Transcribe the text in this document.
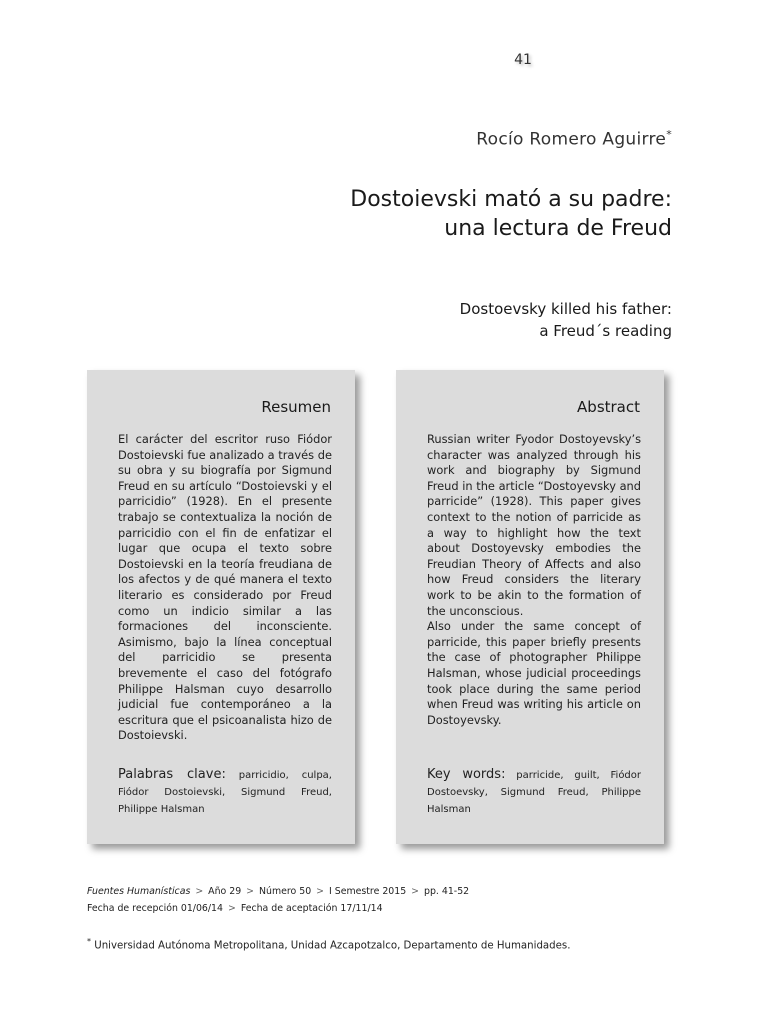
41
Rocío Romero Aguirre*
Dostoievski mató a su padre:
una lectura de Freud
Dostoevsky killed his father:
a Freud´s reading
Resumen

El carácter del escritor ruso Fiódor Dostoievski fue analizado a través de su obra y su biografía por Sigmund Freud en su artículo “Dostoievski y el parricidio” (1928). En el presente trabajo se contextualiza la noción de parricidio con el fin de enfatizar el lugar que ocupa el texto sobre Dostoievski en la teoría freudiana de los afectos y de qué manera el texto literario es considerado por Freud como un indicio similar a las formaciones del inconsciente. Asimismo, bajo la línea conceptual del parricidio se presenta brevemente el caso del fotógrafo Philippe Halsman cuyo desarrollo judicial fue contemporáneo a la escritura que el psicoanalista hizo de Dostoievski.

Palabras clave: parricidio, culpa, Fiódor Dostoievski, Sigmund Freud, Philippe Halsman
Abstract

Russian writer Fyodor Dostoyevsky’s character was analyzed through his work and biography by Sigmund Freud in the article “Dostoyevsky and parricide” (1928). This paper gives context to the notion of parricide as a way to highlight how the text about Dostoyevsky embodies the Freudian Theory of Affects and also how Freud considers the literary work to be akin to the formation of the unconscious.

Also under the same concept of parricide, this paper briefly presents the case of photographer Philippe Halsman, whose judicial proceedings took place during the same period when Freud was writing his article on Dostoyevsky.

Key words: parricide, guilt, Fiódor Dostoevsky, Sigmund Freud, Philippe Halsman
Fuentes Humanísticas > Año 29 > Número 50 > I Semestre 2015 > pp. 41-52
Fecha de recepción 01/06/14 > Fecha de aceptación 17/11/14
* Universidad Autónoma Metropolitana, Unidad Azcapotzalco, Departamento de Humanidades.
